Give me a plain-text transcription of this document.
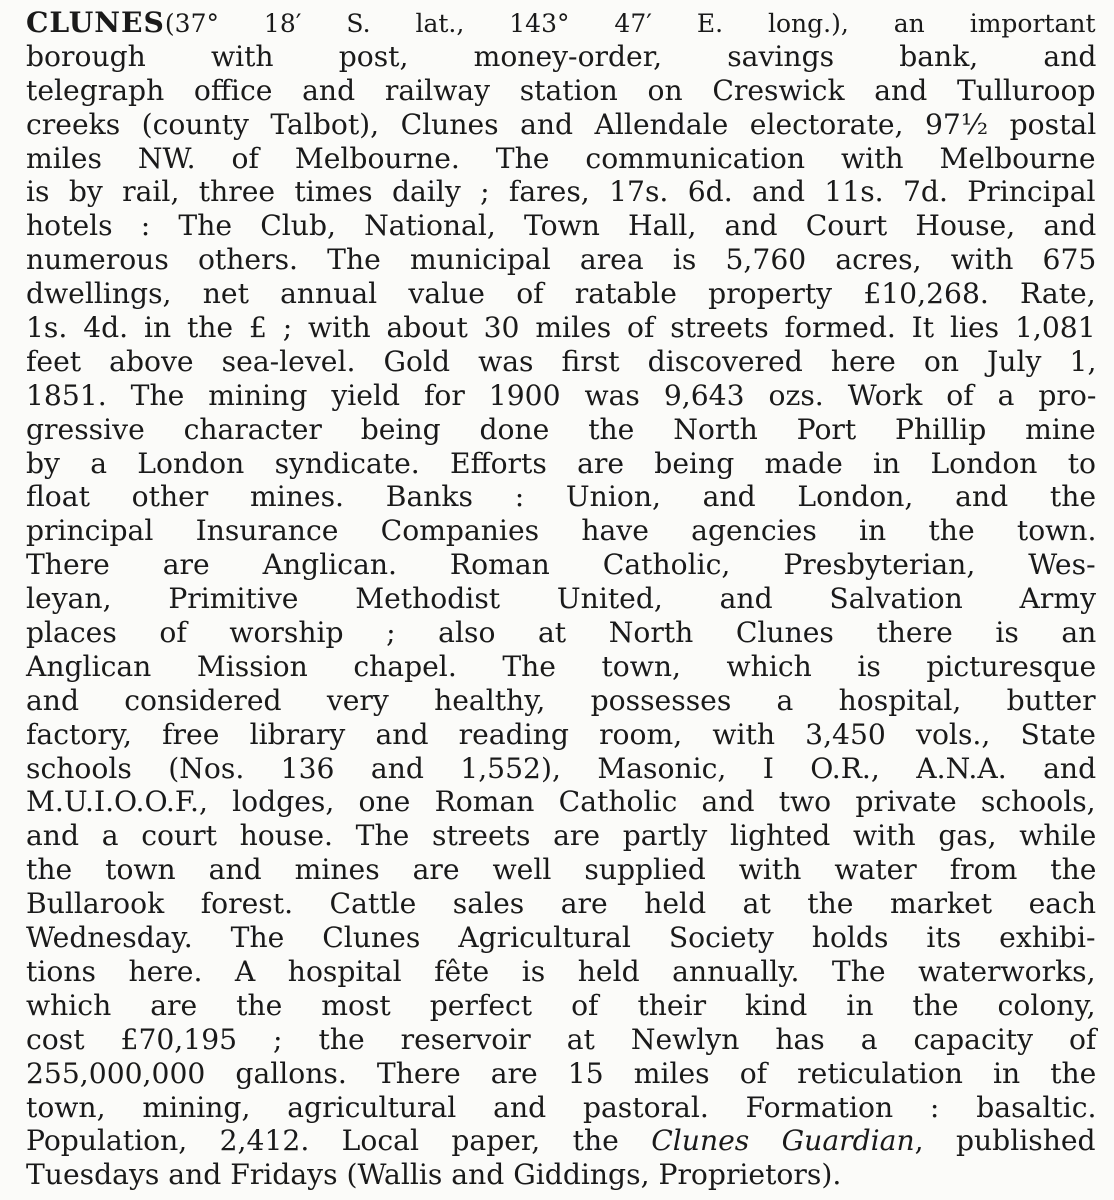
CLUNES(37° 18′ S. lat., 143° 47′ E. long.), an important
borough with post, money-order, savings bank, and
telegraph office and railway station on Creswick and Tulluroop
creeks (county Talbot), Clunes and Allendale electorate, 97½ postal
miles NW. of Melbourne. The communication with Melbourne
is by rail, three times daily ; fares, 17s. 6d. and 11s. 7d. Principal
hotels : The Club, National, Town Hall, and Court House, and
numerous others. The municipal area is 5,760 acres, with 675
dwellings, net annual value of ratable property £10,268. Rate,
1s. 4d. in the £ ; with about 30 miles of streets formed. It lies 1,081
feet above sea-level. Gold was first discovered here on July 1,
1851. The mining yield for 1900 was 9,643 ozs. Work of a pro-
gressive character being done the North Port Phillip mine
by a London syndicate. Efforts are being made in London to
float other mines. Banks : Union, and London, and the
principal Insurance Companies have agencies in the town.
There are Anglican. Roman Catholic, Presbyterian, Wes-
leyan, Primitive Methodist United, and Salvation Army
places of worship ; also at North Clunes there is an
Anglican Mission chapel. The town, which is picturesque
and considered very healthy, possesses a hospital, butter
factory, free library and reading room, with 3,450 vols., State
schools (Nos. 136 and 1,552), Masonic, I O.R., A.N.A. and
M.U.I.O.O.F., lodges, one Roman Catholic and two private schools,
and a court house. The streets are partly lighted with gas, while
the town and mines are well supplied with water from the
Bullarook forest. Cattle sales are held at the market each
Wednesday. The Clunes Agricultural Society holds its exhibi-
tions here. A hospital fête is held annually. The waterworks,
which are the most perfect of their kind in the colony,
cost £70,195 ; the reservoir at Newlyn has a capacity of
255,000,000 gallons. There are 15 miles of reticulation in the
town, mining, agricultural and pastoral. Formation : basaltic.
Population, 2,412. Local paper, the Clunes Guardian, published
Tuesdays and Fridays (Wallis and Giddings, Proprietors).
